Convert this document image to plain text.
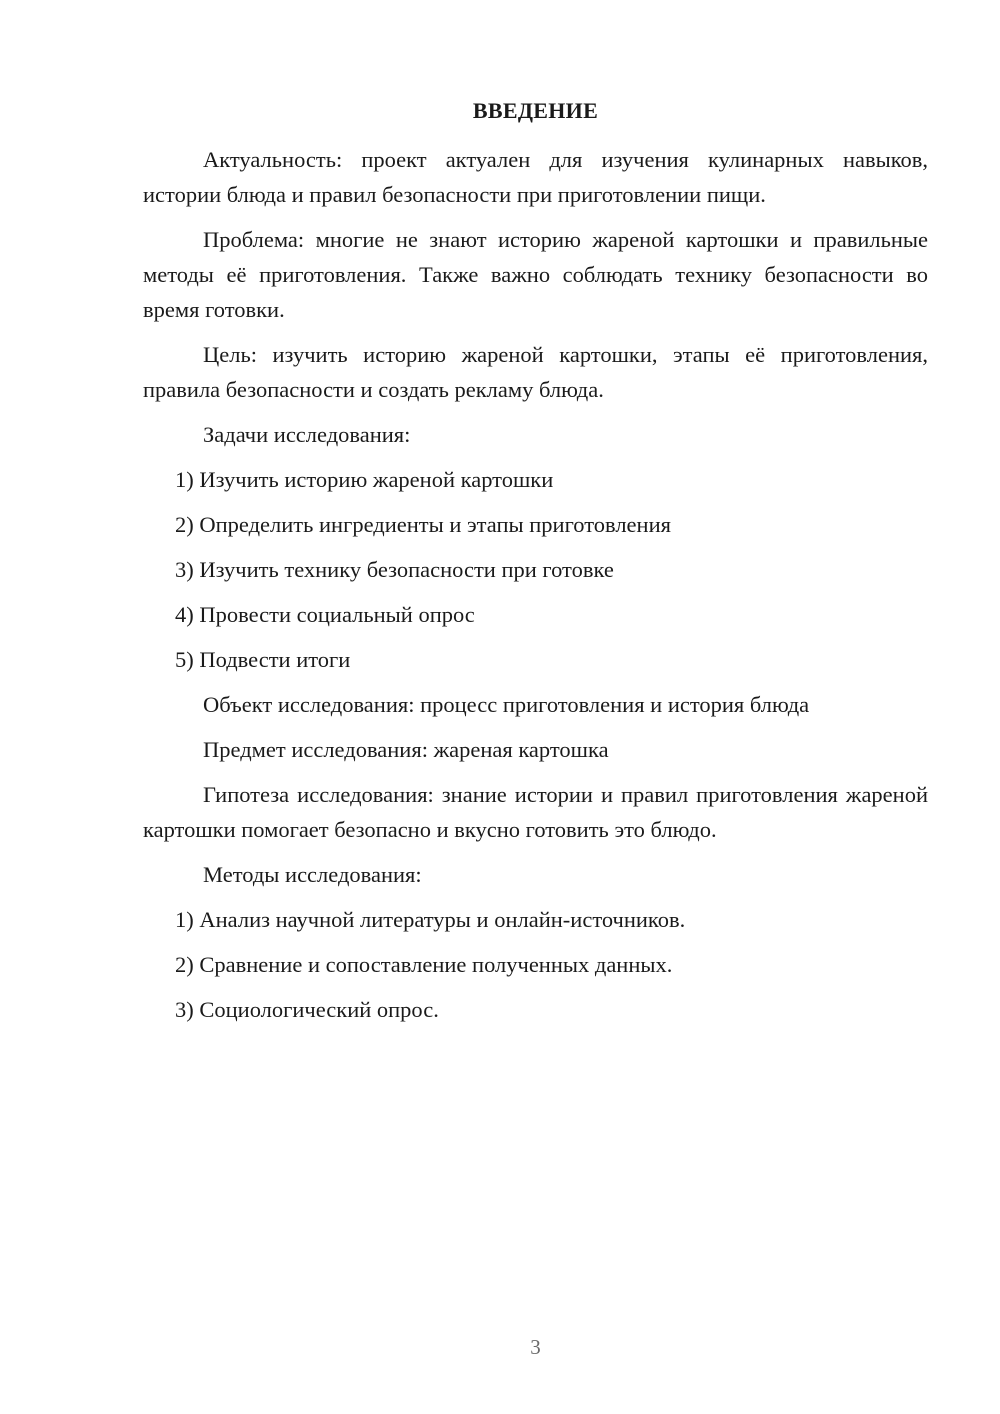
ВВЕДЕНИЕ

Актуальность: проект актуален для изучения кулинарных навыков, истории блюда и правил безопасности при приготовлении пищи.

Проблема: многие не знают историю жареной картошки и правильные методы её приготовления. Также важно соблюдать технику безопасности во время готовки.

Цель: изучить историю жареной картошки, этапы её приготовления, правила безопасности и создать рекламу блюда.

Задачи исследования:

1) Изучить историю жареной картошки
2) Определить ингредиенты и этапы приготовления
3) Изучить технику безопасности при готовке
4) Провести социальный опрос
5) Подвести итоги

Объект исследования: процесс приготовления и история блюда

Предмет исследования: жареная картошка

Гипотеза исследования: знание истории и правил приготовления жареной картошки помогает безопасно и вкусно готовить это блюдо.

Методы исследования:

1) Анализ научной литературы и онлайн-источников.
2) Сравнение и сопоставление полученных данных.
3) Социологический опрос.
3
